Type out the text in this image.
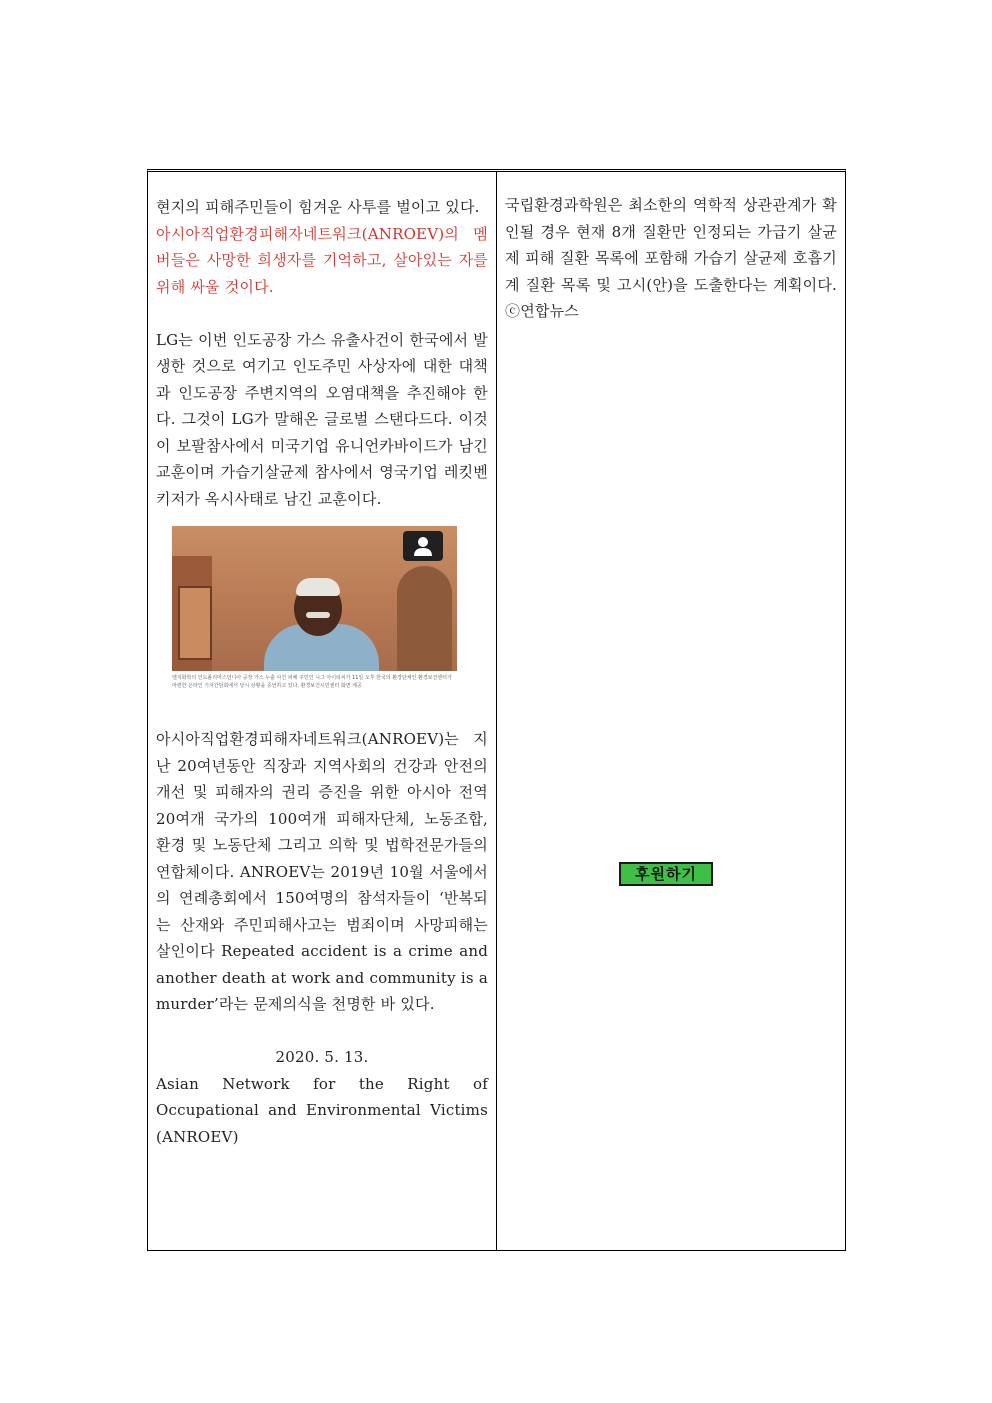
현지의 피해주민들이 힘겨운 사투를 벌이고 있다.

아시아직업환경피해자네트워크(ANROEV)의 멤버들은 사망한 희생자를 기억하고, 살아있는 자를 위해 싸울 것이다.

LG는 이번 인도공장 가스 유출사건이 한국에서 발생한 것으로 여기고 인도주민 사상자에 대한 대책과 인도공장 주변지역의 오염대책을 추진해야 한다. 그것이 LG가 말해온 글로벌 스탠다드다. 이것이 보팔참사에서 미국기업 유니언카바이드가 남긴 교훈이며 가습기살균제 참사에서 영국기업 레킷벤키저가 옥시사태로 남긴 교훈이다.

엘지화학의 인도폴리머스인디아 공장 가스 누출 사건 피해 주민인 니그 아이티씨가 11일 오후 한국의 환경단체인 환경보건센터가 마련한 온라인 기자간담회에서 당시 상황을 증언하고 있다. 환경보건시민센터 화면 제공

아시아직업환경피해자네트워크(ANROEV)는 지난 20여년동안 직장과 지역사회의 건강과 안전의 개선 및 피해자의 권리 증진을 위한 아시아 전역 20여개 국가의 100여개 피해자단체, 노동조합, 환경 및 노동단체 그리고 의학 및 법학전문가들의 연합체이다. ANROEV는 2019년 10월 서울에서의 연례총회에서 150여명의 참석자들이 ‘반복되는 산재와 주민피해사고는 범죄이며 사망피해는 살인이다 Repeated accident is a crime and another death at work and community is a murder’라는 문제의식을 천명한 바 있다.

2020. 5. 13.

Asian Network for the Right of Occupational and Environmental Victims (ANROEV)

국립환경과학원은 최소한의 역학적 상관관계가 확인될 경우 현재 8개 질환만 인정되는 가급기 살균제 피해 질환 목록에 포함해 가습기 살균제 호흡기계 질환 목록 및 고시(안)을 도출한다는 계획이다. ⓒ연합뉴스

후원하기
